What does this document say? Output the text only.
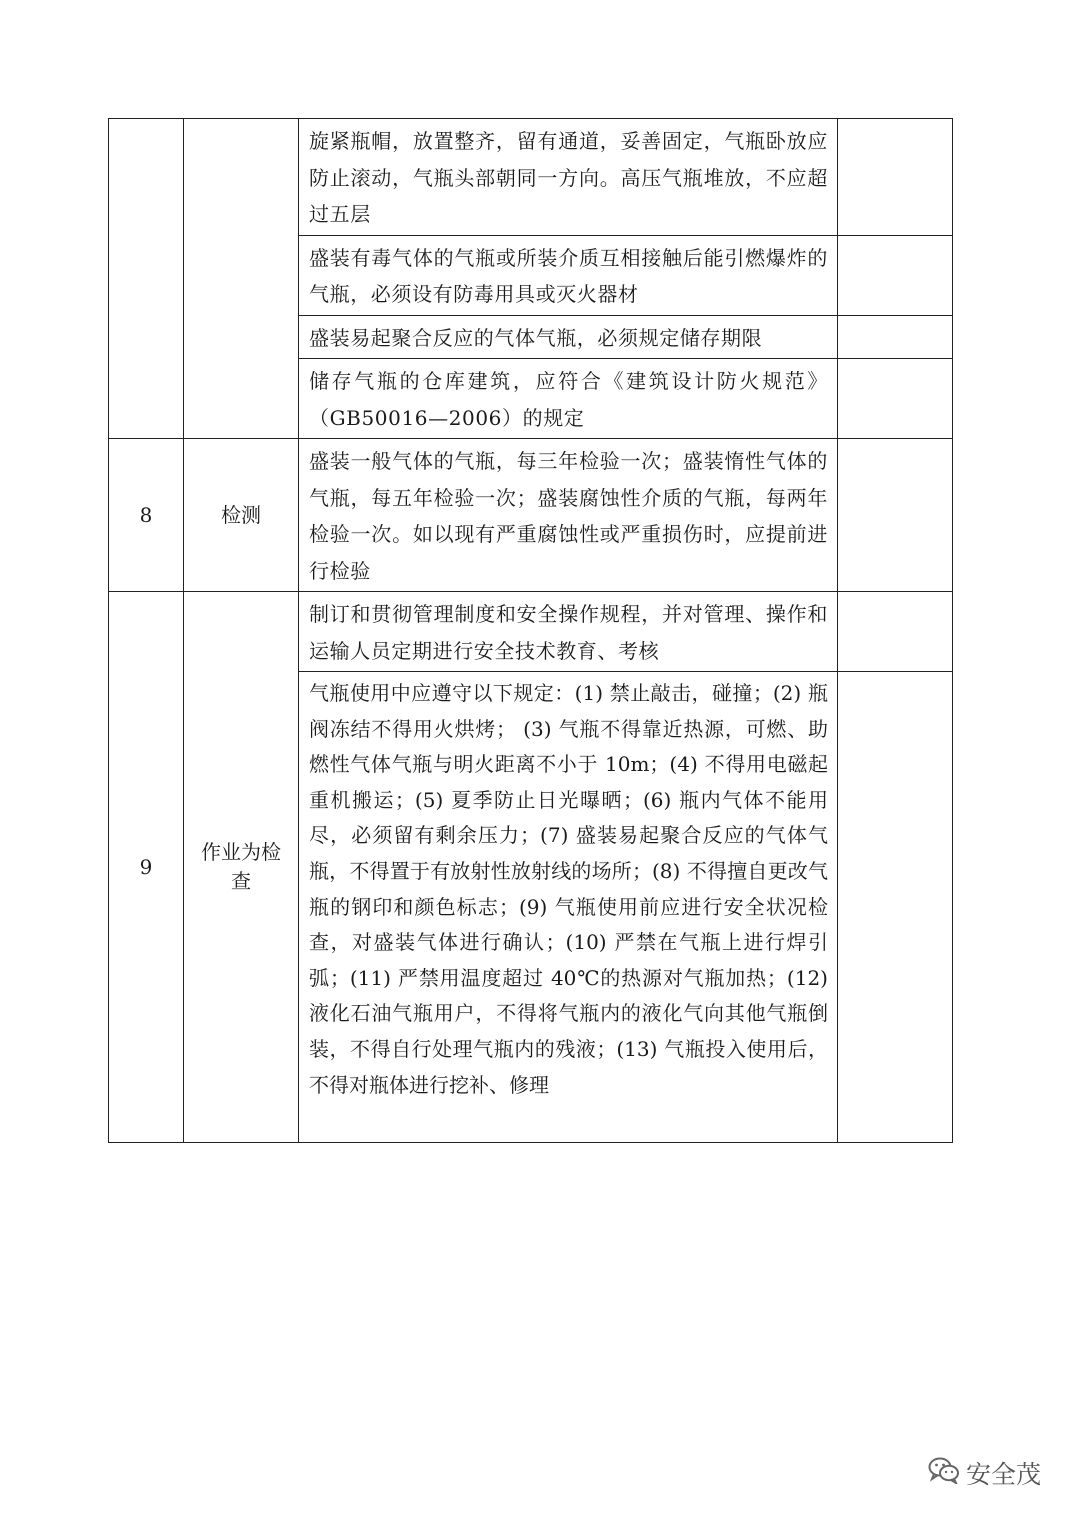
		旋紧瓶帽，放置整齐，留有通道，妥善固定，气瓶卧放应防止滚动，气瓶头部朝同一方向。高压气瓶堆放，不应超过五层	
		盛装有毒气体的气瓶或所装介质互相接触后能引燃爆炸的气瓶，必须设有防毒用具或灭火器材	
		盛装易起聚合反应的气体气瓶，必须规定储存期限	
		储存气瓶的仓库建筑，应符合《建筑设计防火规范》（GB50016—2006）的规定	
8	检测	盛装一般气体的气瓶，每三年检验一次；盛装惰性气体的气瓶，每五年检验一次；盛装腐蚀性介质的气瓶，每两年检验一次。如以现有严重腐蚀性或严重损伤时，应提前进行检验	
9	作业为检查	制订和贯彻管理制度和安全操作规程，并对管理、操作和运输人员定期进行安全技术教育、考核	
		气瓶使用中应遵守以下规定：(1) 禁止敲击，碰撞；(2) 瓶阀冻结不得用火烘烤； (3) 气瓶不得靠近热源，可燃、助燃性气体气瓶与明火距离不小于 10m；(4) 不得用电磁起重机搬运；(5) 夏季防止日光曝晒；(6) 瓶内气体不能用尽，必须留有剩余压力；(7) 盛装易起聚合反应的气体气瓶，不得置于有放射性放射线的场所；(8) 不得擅自更改气瓶的钢印和颜色标志；(9) 气瓶使用前应进行安全状况检查，对盛装气体进行确认；(10) 严禁在气瓶上进行焊引弧；(11) 严禁用温度超过 40℃的热源对气瓶加热；(12) 液化石油气瓶用户，不得将气瓶内的液化气向其他气瓶倒装，不得自行处理气瓶内的残液；(13) 气瓶投入使用后，不得对瓶体进行挖补、修理	
安全茂
